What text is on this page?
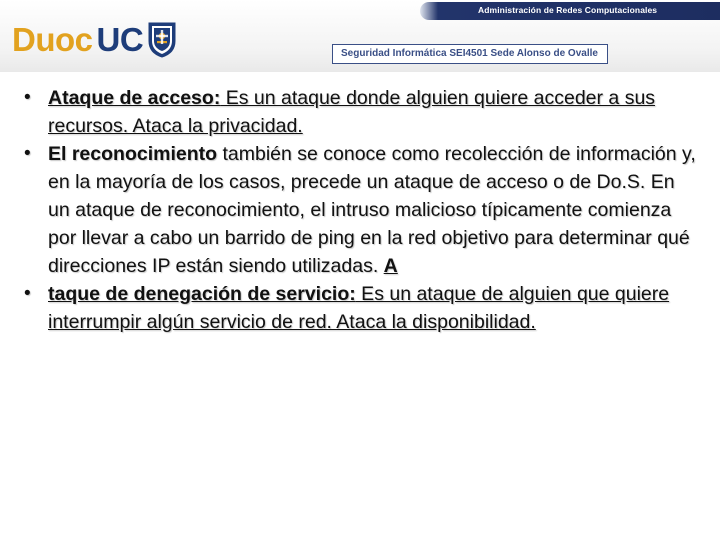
Administración de Redes Computacionales
Duoc UC	Seguridad Informática SEI4501 Sede Alonso de Ovalle
• Ataque de acceso: Es un ataque donde alguien quiere acceder a sus recursos. Ataca la privacidad.
• El reconocimiento también se conoce como recolección de información y, en la mayoría de los casos, precede un ataque de acceso o de Do.S. En un ataque de reconocimiento, el intruso malicioso típicamente comienza por llevar a cabo un barrido de ping en la red objetivo para determinar qué direcciones IP están siendo utilizadas. A
• taque de denegación de servicio: Es un ataque de alguien que quiere interrumpir algún servicio de red. Ataca la disponibilidad.
